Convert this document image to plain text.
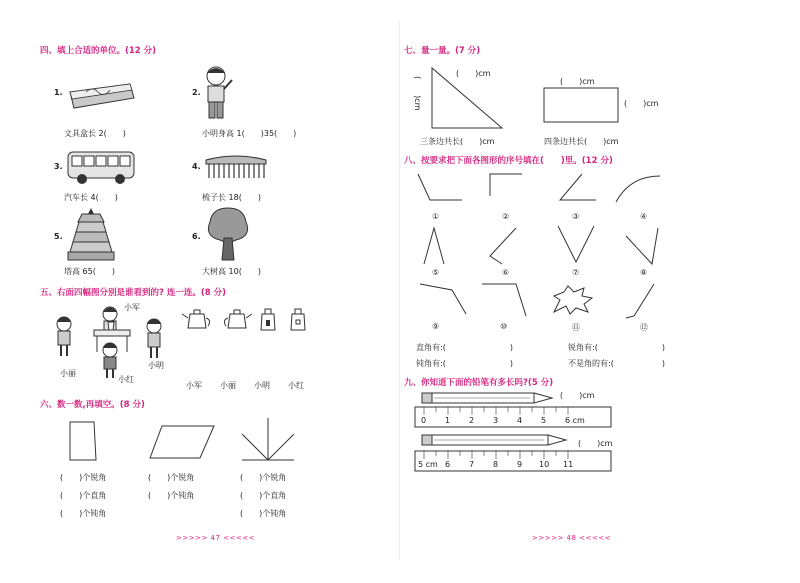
四、填上合适的单位。(12 分)
1.
文具盒长 2(　　)
2.
小明身高 1(　　)35(　　)
3.
汽车长 4(　　)
4.
梳子长 18(　　)
5.
塔高 65(　　)
6.
大树高 10(　　)
五、右面四幅图分别是谁看到的? 连一连。(8 分)
小军
小丽
小明
小红
小军 小丽 小明 小红
六、数一数,再填空。(8 分)
(　　)个锐角
(　　)个直角
(　　)个钝角
(　　)个锐角
(　　)个钝角
(　　)个锐角
(　　)个直角
(　　)个钝角
>>>>> 47 <<<<<
七、量一量。(7 分)
(　　)cm
(　　)cm
三条边共长(　　)cm
(　　)cm
(　　)cm
四条边共长(　　)cm
八、按要求把下面各图形的序号填在(　　)里。(12 分)
①	②	③	④
⑤	⑥	⑦	⑧
⑨	⑩	⑪	⑫
直角有:(　　　　　　　　)	锐角有:(　　　　　　　　)
钝角有:(　　　　　　　　)	不是角的有:(　　　　　　)
九、你知道下面的铅笔有多长吗?(5 分)
(　　)cm
0 1 2 3 4 5 6 cm
(　　)cm
5 cm 6 7 8 9 10 11
>>>>> 48 <<<<<
